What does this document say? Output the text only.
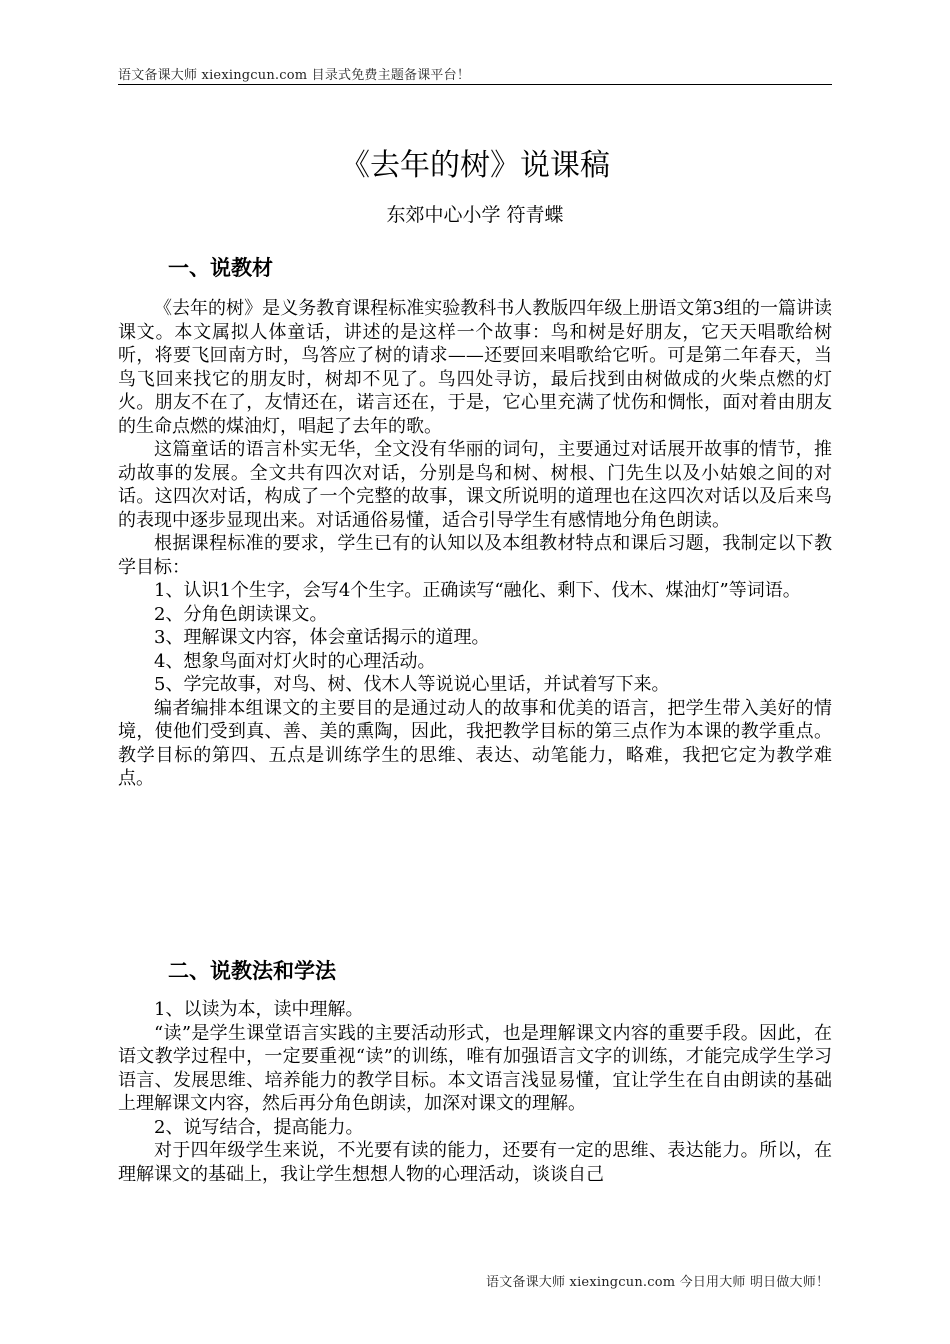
语文备课大师 xiexingcun.com 目录式免费主题备课平台！
《去年的树》说课稿
东郊中心小学 符青蝶
一、说教材

《去年的树》是义务教育课程标准实验教科书人教版四年级上册语文第3组的一篇讲读课文。本文属拟人体童话，讲述的是这样一个故事：鸟和树是好朋友，它天天唱歌给树听，将要飞回南方时，鸟答应了树的请求——还要回来唱歌给它听。可是第二年春天，当鸟飞回来找它的朋友时，树却不见了。鸟四处寻访，最后找到由树做成的火柴点燃的灯火。朋友不在了，友情还在，诺言还在，于是，它心里充满了忧伤和惆怅，面对着由朋友的生命点燃的煤油灯，唱起了去年的歌。

这篇童话的语言朴实无华，全文没有华丽的词句，主要通过对话展开故事的情节，推动故事的发展。全文共有四次对话，分别是鸟和树、树根、门先生以及小姑娘之间的对话。这四次对话，构成了一个完整的故事，课文所说明的道理也在这四次对话以及后来鸟的表现中逐步显现出来。对话通俗易懂，适合引导学生有感情地分角色朗读。

根据课程标准的要求，学生已有的认知以及本组教材特点和课后习题，我制定以下教学目标：

1、认识1个生字，会写4个生字。正确读写“融化、剩下、伐木、煤油灯”等词语。

2、分角色朗读课文。

3、理解课文内容，体会童话揭示的道理。

4、想象鸟面对灯火时的心理活动。

5、学完故事，对鸟、树、伐木人等说说心里话，并试着写下来。

编者编排本组课文的主要目的是通过动人的故事和优美的语言，把学生带入美好的情境，使他们受到真、善、美的熏陶，因此，我把教学目标的第三点作为本课的教学重点。教学目标的第四、五点是训练学生的思维、表达、动笔能力，略难，我把它定为教学难点。

二、说教法和学法

1、以读为本，读中理解。

“读”是学生课堂语言实践的主要活动形式，也是理解课文内容的重要手段。因此，在语文教学过程中，一定要重视“读”的训练，唯有加强语言文字的训练，才能完成学生学习语言、发展思维、培养能力的教学目标。本文语言浅显易懂，宜让学生在自由朗读的基础上理解课文内容，然后再分角色朗读，加深对课文的理解。

2、说写结合，提高能力。

对于四年级学生来说，不光要有读的能力，还要有一定的思维、表达能力。所以，在理解课文的基础上，我让学生想想人物的心理活动，谈谈自己

语文备课大师 xiexingcun.com 今日用大师 明日做大师！
